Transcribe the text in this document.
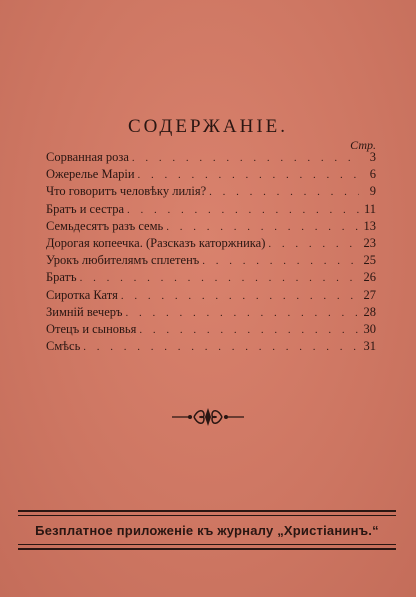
СОДЕРЖАНІЕ.
Стр.
Сорванная роза . . .	3
Ожерелье Маріи . . .	6
Что говоритъ человѣку лилія? . . .	9
Братъ и сестра . . .	11
Семьдесятъ разъ семь . . .	13
Дорогая копеечка. (Разсказъ каторжника) . . .	23
Урокъ любителямъ сплетенъ . . .	25
Братъ . . .	26
Сиротка Катя . . .	27
Зимній вечеръ . . .	28
Отецъ и сыновья . . .	30
Смѣсь . . .	31
Безплатное приложеніе къ журналу „Христіанинъ.“
